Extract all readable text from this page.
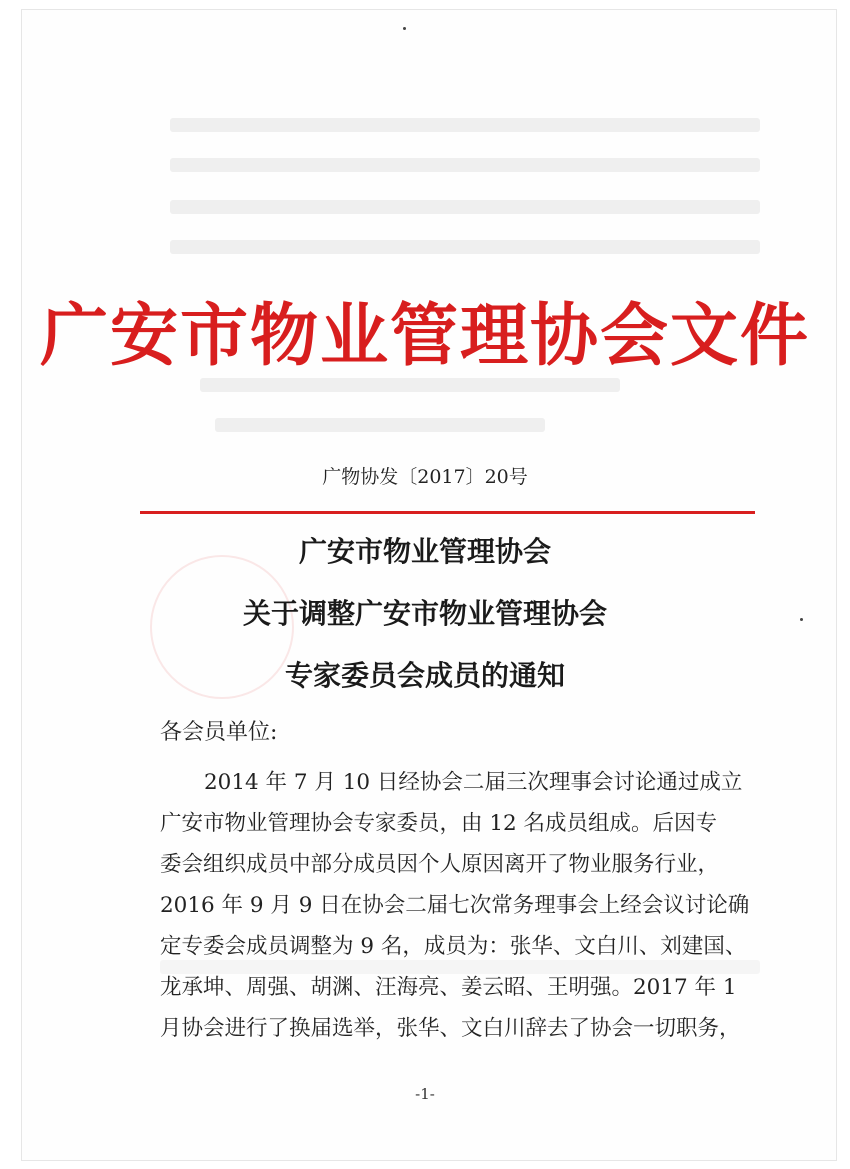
广安市物业管理协会文件
广物协发〔2017〕20号
广安市物业管理协会
关于调整广安市物业管理协会
专家委员会成员的通知
各会员单位:
2014 年 7 月 10 日经协会二届三次理事会讨论通过成立
广安市物业管理协会专家委员，由 12 名成员组成。后因专
委会组织成员中部分成员因个人原因离开了物业服务行业，
2016 年 9 月 9 日在协会二届七次常务理事会上经会议讨论确
定专委会成员调整为 9 名，成员为：张华、文白川、刘建国、
龙承坤、周强、胡渊、汪海亮、姜云昭、王明强。2017 年 1
月协会进行了换届选举，张华、文白川辞去了协会一切职务，
-1-
